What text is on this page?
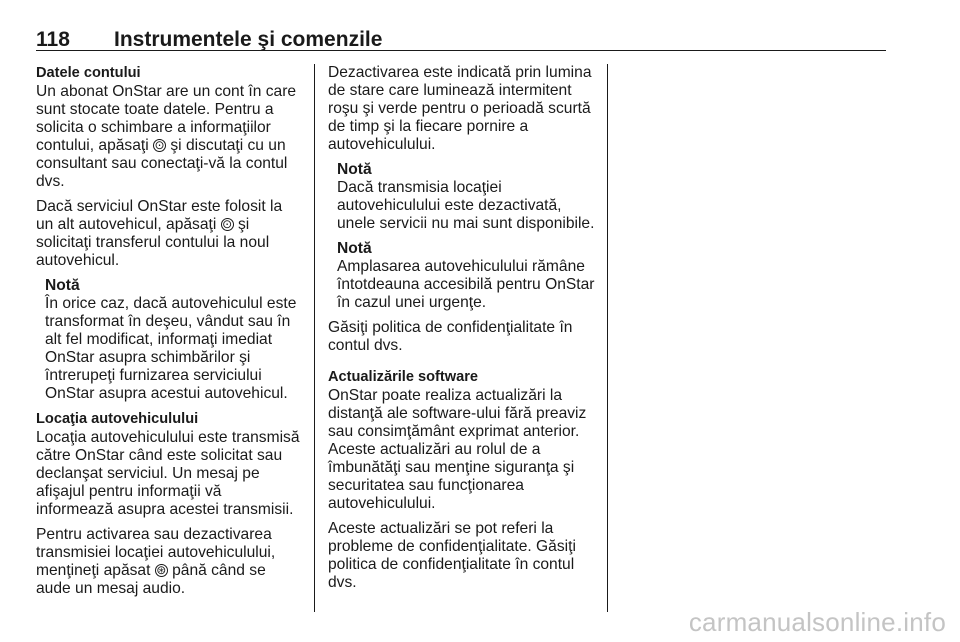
118 Instrumentele şi comenzile
Datele contului
Un abonat OnStar are un cont în care sunt stocate toate datele. Pentru a solicita o schimbare a informaţiilor contului, apăsaţi ⊙ şi discutaţi cu un consultant sau conectaţi-vă la contul dvs.
Dacă serviciul OnStar este folosit la un alt autovehicul, apăsaţi ⊙ şi solicitaţi transferul contului la noul autovehicul.
Notă
În orice caz, dacă autovehiculul este transformat în deşeu, vândut sau în alt fel modificat, informaţi imediat OnStar asupra schimbărilor şi întrerupeţi furnizarea serviciului OnStar asupra acestui autovehicul.
Locaţia autovehiculului
Locaţia autovehiculului este transmisă către OnStar când este solicitat sau declanşat serviciul. Un mesaj pe afişajul pentru informaţii vă informează asupra acestei transmisii.
Pentru activarea sau dezactivarea transmisiei locaţiei autovehiculului, menţineţi apăsat ⊛ până când se aude un mesaj audio.
Dezactivarea este indicată prin lumina de stare care luminează intermitent roşu şi verde pentru o perioadă scurtă de timp şi la fiecare pornire a autovehiculului.
Notă
Dacă transmisia locaţiei autovehiculului este dezactivată, unele servicii nu mai sunt disponibile.
Notă
Amplasarea autovehiculului rămâne întotdeauna accesibilă pentru OnStar în cazul unei urgenţe.
Găsiţi politica de confidenţialitate în contul dvs.
Actualizările software
OnStar poate realiza actualizări la distanţă ale software-ului fără preaviz sau consimţământ exprimat anterior. Aceste actualizări au rolul de a îmbunătăţi sau menţine siguranţa şi securitatea sau funcţionarea autovehiculului.
Aceste actualizări se pot referi la probleme de confidenţialitate. Găsiţi politica de confidenţialitate în contul dvs.
carmanualsonline.info
